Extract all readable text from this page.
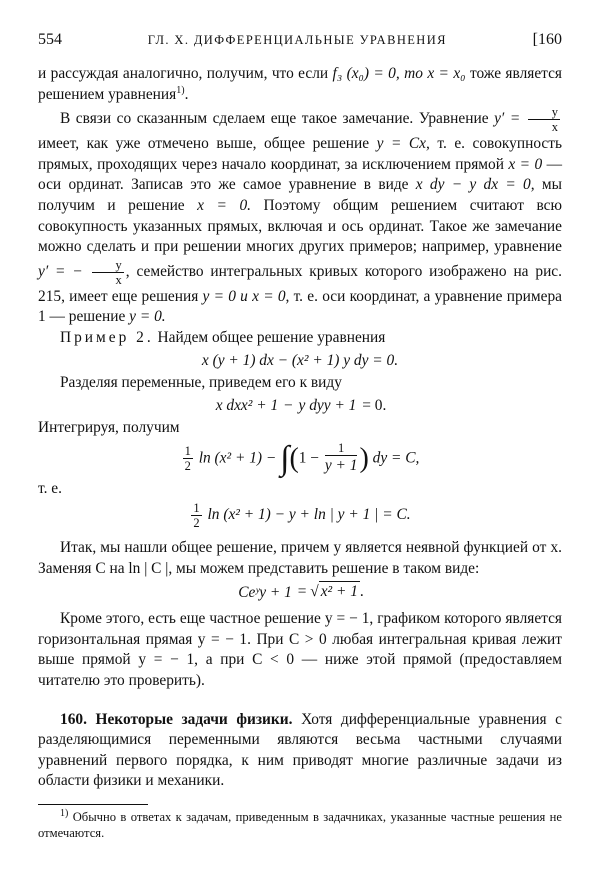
554	ГЛ. X. ДИФФЕРЕНЦИАЛЬНЫЕ УРАВНЕНИЯ	[160

и рассуждая аналогично, получим, что если f₃ (x₀) = 0, то x = x₀ тоже является решением уравнения$^{1)}$.

В связи со сказанным сделаем еще такое замечание. Уравнение $y' = \frac{y}{x}$
имеет, как уже отмечено выше, общее решение y = Cx, т. е. совокупность прямых, проходящих через начало координат, за исключением прямой x = 0 — оси ординат. Записав это же самое уравнение в виде x dy − y dx = 0, мы получим и решение x = 0. Поэтому общим решением считают всю совокупность указанных прямых, включая и ось ординат. Такое же замечание можно сделать и при решении многих других примеров; например, уравнение y′ = − $\frac{y}{x}$ , семейство интегральных кривых которого изображено на рис. 215, имеет еще решения y = 0 и x = 0, т. е. оси координат, а уравнение примера 1 — решение y = 0.

Пример 2. Найдем общее решение уравнения

x (y + 1) dx − (x² + 1) y dy = 0.

Разделяя переменные, приведем его к виду

x dxx² + 1 − y dyy + 1 = 0.

Интегрируя, получим

$\frac{1}{2}$ $\ln (x^2 + 1) - \int(1 - \frac{1}{y + 1})$ dy = C,

т. е.

$\frac{1}{2}$ ln (x² + 1) − y + ln | y + 1 | = C.

Итак, мы нашли общее решение, причем y является неявной функцией от x. Заменяя C на ln | C |, мы можем представить решение в таком виде:

Ceʸy + 1 = √ x² + 1 .

Кроме этого, есть еще частное решение y = − 1, графиком которого является горизонтальная прямая y = − 1. При C > 0 любая интегральная кривая лежит выше прямой y = − 1, а при C < 0 — ниже этой прямой (предоставляем читателю это проверить).

160. Некоторые задачи физики. Хотя дифференциальные уравнения с разделяющимися переменными являются весьма частными случаями уравнений первого порядка, к ним приводят многие различные задачи из области физики и механики.

$^{1)}$ Обычно в ответах к задачам, приведенным в задачниках, указанные частные решения не отмечаются.
